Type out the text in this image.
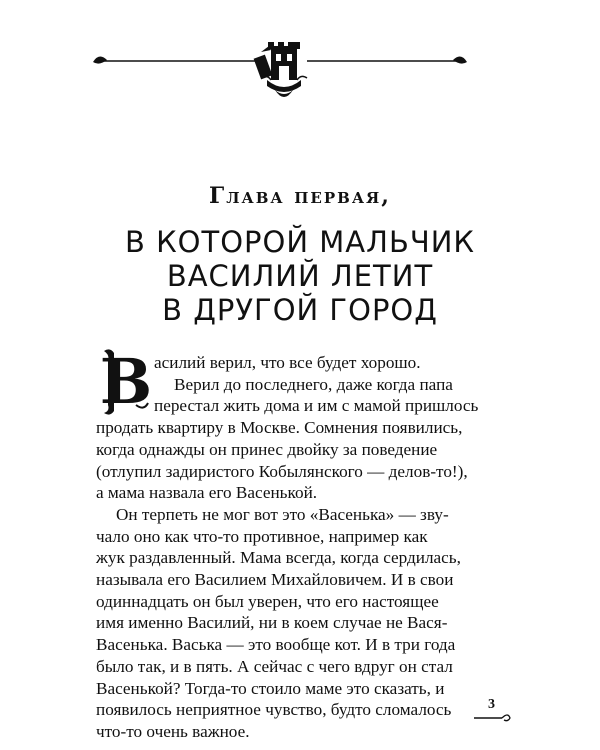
Глава первая,
В КОТОРОЙ МАЛЬЧИК
ВАСИЛИЙ ЛЕТИТ
В ДРУГОЙ ГОРОД
В асилий верил, что все будет хорошо.
Верил до последнего, даже когда папа
перестал жить дома и им с мамой пришлось
продать квартиру в Москве. Сомнения появились,
когда однажды он принес двойку за поведение
(отлупил задиристого Кобылянского — делов-то!),
а мама назвала его Васенькой.

Он терпеть не мог вот это «Васенька» — зву-
чало оно как что-то противное, например как
жук раздавленный. Мама всегда, когда сердилась,
называла его Василием Михайловичем. И в свои
одиннадцать он был уверен, что его настоящее
имя именно Василий, ни в коем случае не Вася-
Васенька. Васька — это вообще кот. И в три года
было так, и в пять. А сейчас с чего вдруг он стал
Васенькой? Тогда-то стоило маме это сказать, и
появилось неприятное чувство, будто сломалось
что-то очень важное.

3
